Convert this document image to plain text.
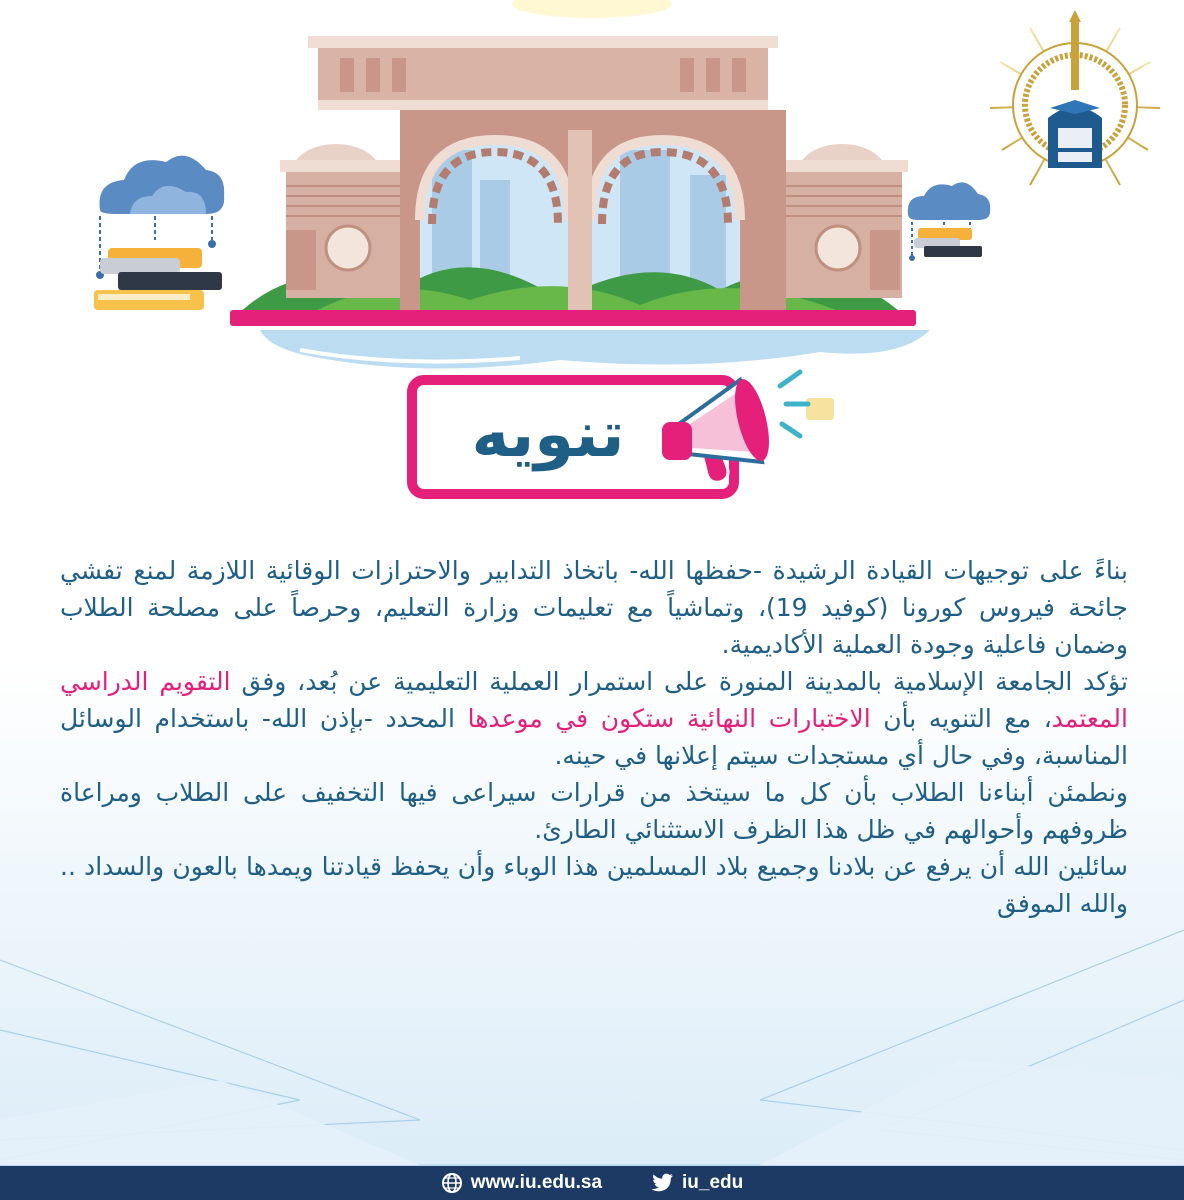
تنويه

بناءً على توجيهات القيادة الرشيدة -حفظها الله- باتخاذ التدابير والاحترازات الوقائية اللازمة لمنع تفشي جائحة فيروس كورونا (كوفيد 19)، وتماشياً مع تعليمات وزارة التعليم، وحرصاً على مصلحة الطلاب وضمان فاعلية وجودة العملية الأكاديمية.

تؤكد الجامعة الإسلامية بالمدينة المنورة على استمرار العملية التعليمية عن بُعد، وفق التقويم الدراسي المعتمد، مع التنويه بأن الاختبارات النهائية ستكون في موعدها المحدد -بإذن الله- باستخدام الوسائل المناسبة، وفي حال أي مستجدات سيتم إعلانها في حينه.

ونطمئن أبناءنا الطلاب بأن كل ما سيتخذ من قرارات سيراعى فيها التخفيف على الطلاب ومراعاة ظروفهم وأحوالهم في ظل هذا الظرف الاستثنائي الطارئ.

سائلين الله أن يرفع عن بلادنا وجميع بلاد المسلمين هذا الوباء وأن يحفظ قيادتنا ويمدها بالعون والسداد .. والله الموفق

www.iu.edu.sa	iu_edu
